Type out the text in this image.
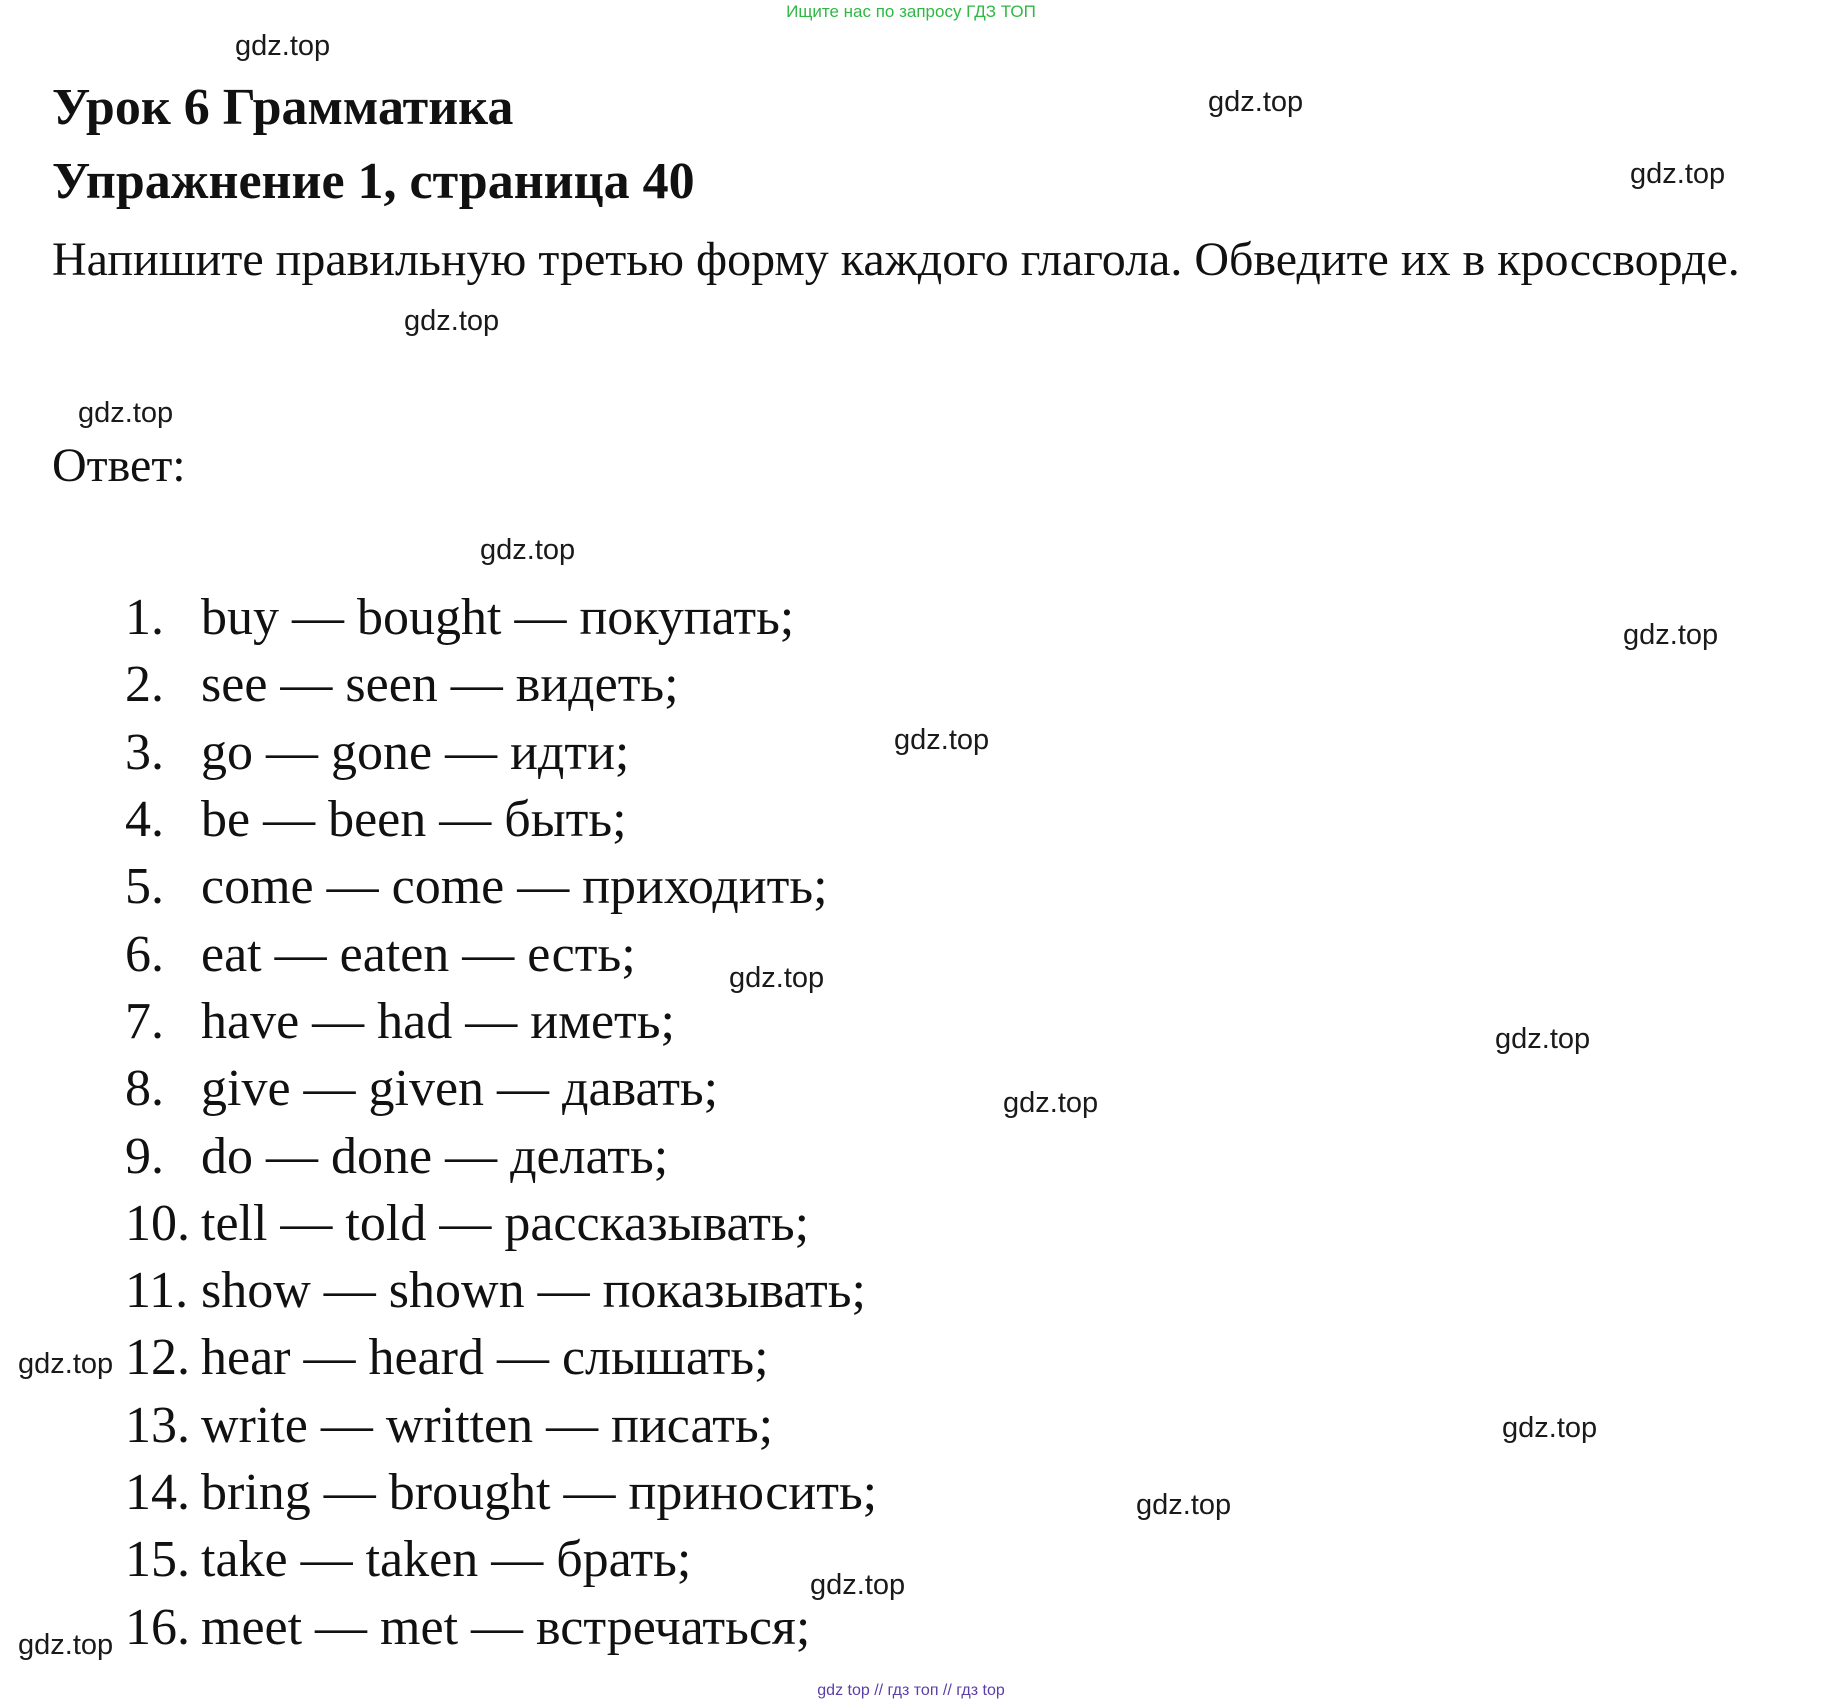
Ищите нас по запросу ГДЗ ТОП
Урок 6 Грамматика
Упражнение 1, страница 40

Напишите правильную третью форму каждого глагола. Обведите их в кроссворде.

Ответ:
1. buy — bought — покупать;
2. see — seen — видеть;
3. go — gone — идти;
4. be — been — быть;
5. come — come — приходить;
6. eat — eaten — есть;
7. have — had — иметь;
8. give — given — давать;
9. do — done — делать;
10. tell — told — рассказывать;
11. show — shown — показывать;
12. hear — heard — слышать;
13. write — written — писать;
14. bring — brought — приносить;
15. take — taken — брать;
16. meet — met — встречаться;
gdz.top
gdz.top
gdz.top
gdz.top
gdz.top
gdz.top
gdz.top
gdz.top
gdz.top
gdz.top
gdz.top
gdz.top
gdz.top
gdz.top
gdz.top
gdz.top
gdz top // гдз топ // гдз top
